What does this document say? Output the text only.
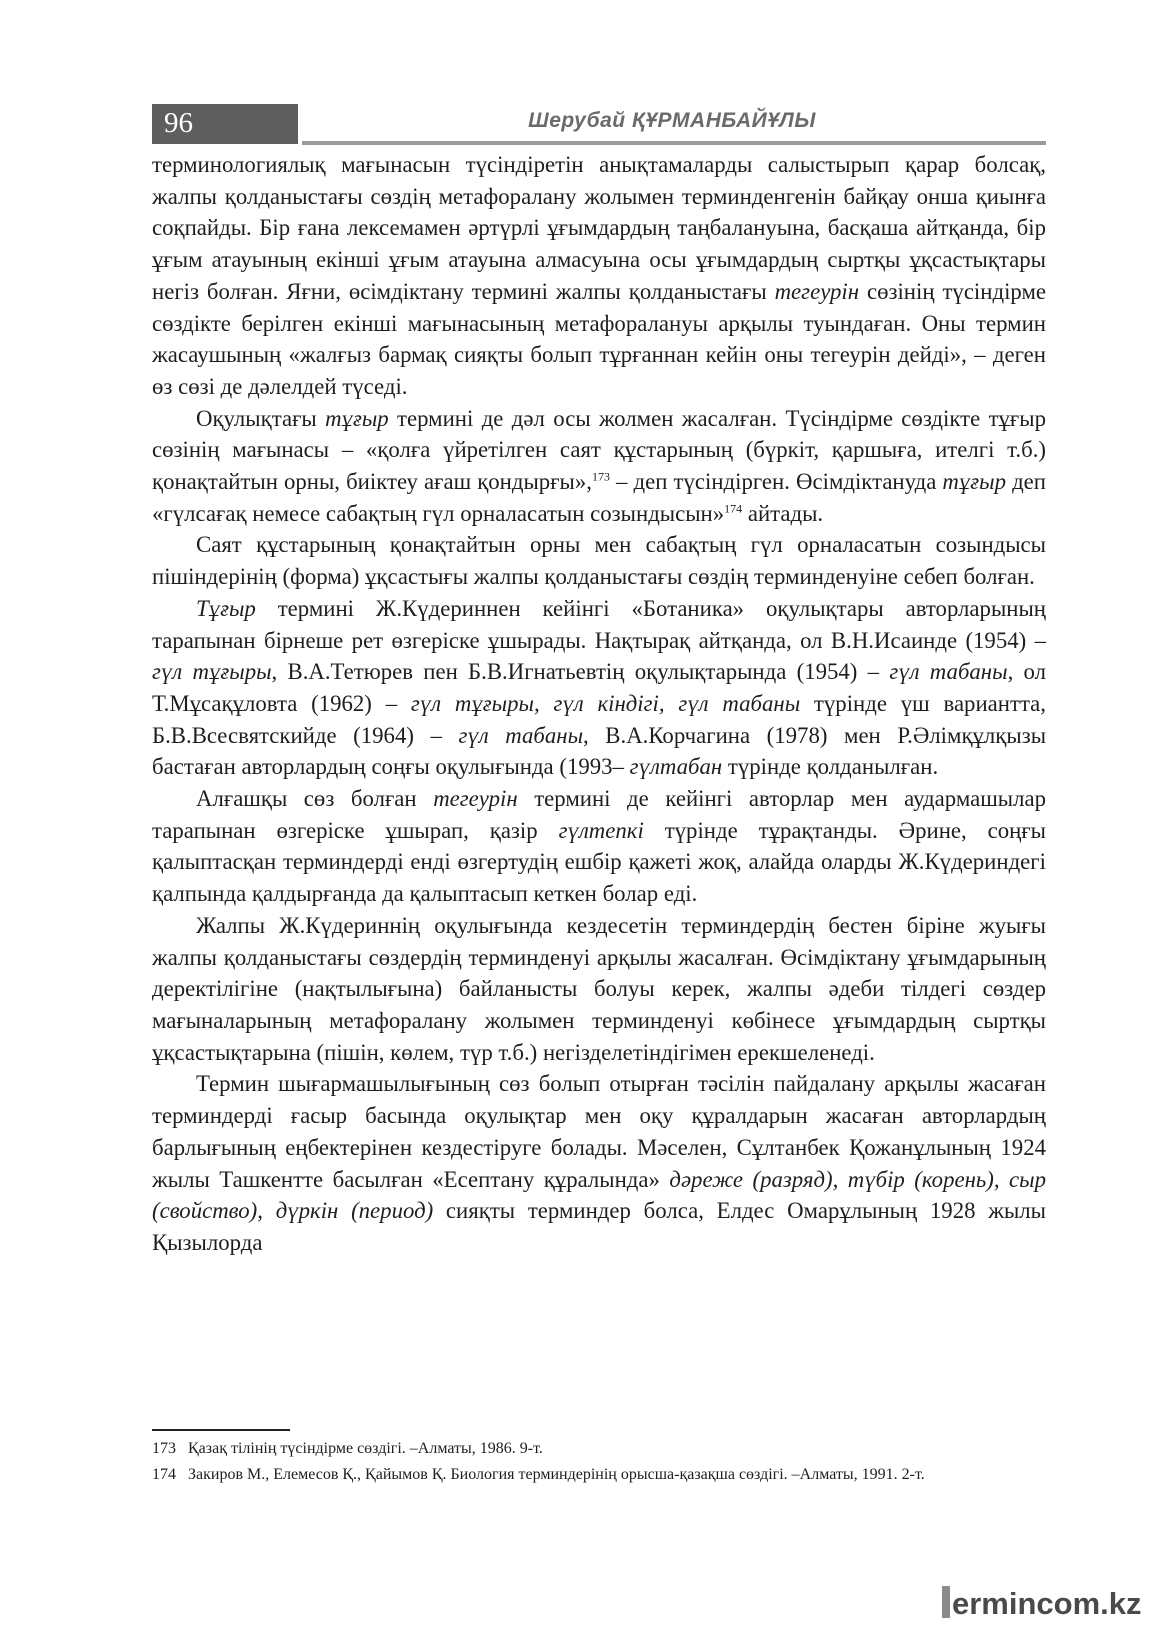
96	Шерубай ҚҰРМАНБАЙҰЛЫ

терминологиялық мағынасын түсіндіретін анықтамаларды салыстырып қарар болсақ, жалпы қолданыстағы сөздің метафоралану жолымен терминденгенін байқау онша қиынға соқпайды. Бір ғана лексемамен әртүрлі ұғымдардың таңбалануына, басқаша айтқанда, бір ұғым атауының екінші ұғым атауына алмасуына осы ұғымдардың сыртқы ұқсастықтары негіз болған. Яғни, өсімдіктану термині жалпы қолданыстағы тегеурін сөзінің түсіндірме сөздікте берілген екінші мағынасының метафоралануы арқылы туындаған. Оны термин жасаушының «жалғыз бармақ сияқты болып тұрғаннан кейін оны тегеурін дейді», – деген өз сөзі де дәлелдей түседі.

Оқулықтағы тұғыр термині де дәл осы жолмен жасалған. Түсіндірме сөздікте тұғыр сөзінің мағынасы – «қолға үйретілген саят құстарының (бүркіт, қаршыға, ителгі т.б.) қонақтайтын орны, биіктеу ағаш қондырғы»,$^{173}$ – деп түсіндірген. Өсімдіктануда тұғыр деп «гүлсағақ немесе сабақтың гүл орналасатын созындысын»$^{174}$ айтады.

Саят құстарының қонақтайтын орны мен сабақтың гүл орналасатын созындысы пішіндерінің (форма) ұқсастығы жалпы қолданыстағы сөздің терминденуіне себеп болған.

Тұғыр термині Ж.Күдериннен кейінгі «Ботаника» оқулықтары авторларының тарапынан бірнеше рет өзгеріске ұшырады. Нақтырақ айтқанда, ол В.Н.Исаинде (1954) – гүл тұғыры, В.А.Тетюрев пен Б.В.Игнатьевтің оқулықтарында (1954) – гүл табаны, ол Т.Мұсақұловта (1962) – гүл тұғыры, гүл кіндігі, гүл табаны түрінде үш вариантта, Б.В.Всесвятскийде (1964) – гүл табаны, В.А.Корчагина (1978) мен Р.Әлімқұлқызы бастаған авторлардың соңғы оқулығында (1993– гүлтабан түрінде қолданылған.

Алғашқы сөз болған тегеурін термині де кейінгі авторлар мен аудармашылар тарапынан өзгеріске ұшырап, қазір гүлтепкі түрінде тұрақтанды. Әрине, соңғы қалыптасқан терминдерді енді өзгертудің ешбір қажеті жоқ, алайда оларды Ж.Күдериндегі қалпында қалдырғанда да қалыптасып кеткен болар еді.

Жалпы Ж.Күдериннің оқулығында кездесетін терминдердің бестен біріне жуығы жалпы қолданыстағы сөздердің терминденуі арқылы жасалған. Өсімдіктану ұғымдарының деректілігіне (нақтылығына) байланысты болуы керек, жалпы әдеби тілдегі сөздер мағыналарының метафоралану жолымен терминденуі көбінесе ұғымдардың сыртқы ұқсастықтарына (пішін, көлем, түр т.б.) негізделетіндігімен ерекшеленеді.

Термин шығармашылығының сөз болып отырған тәсілін пайдалану арқылы жасаған терминдерді ғасыр басында оқулықтар мен оқу құралдарын жасаған авторлардың барлығының еңбектерінен кездестіруге болады. Мәселен, Сұлтанбек Қожанұлының 1924 жылы Ташкентте басылған «Есептану құралында» дәреже (разряд), түбір (корень), сыр (свойство), дүркін (период) сияқты терминдер болса, Елдес Омарұлының 1928 жылы Қызылорда

173 Қазақ тілінің түсіндірме сөздігі. –Алматы, 1986. 9-т.
174 Закиров М., Елемесов Қ., Қайымов Қ. Биология терминдерінің орысша-қазақша сөздігі. –Алматы, 1991. 2-т.
ermincom.kz
